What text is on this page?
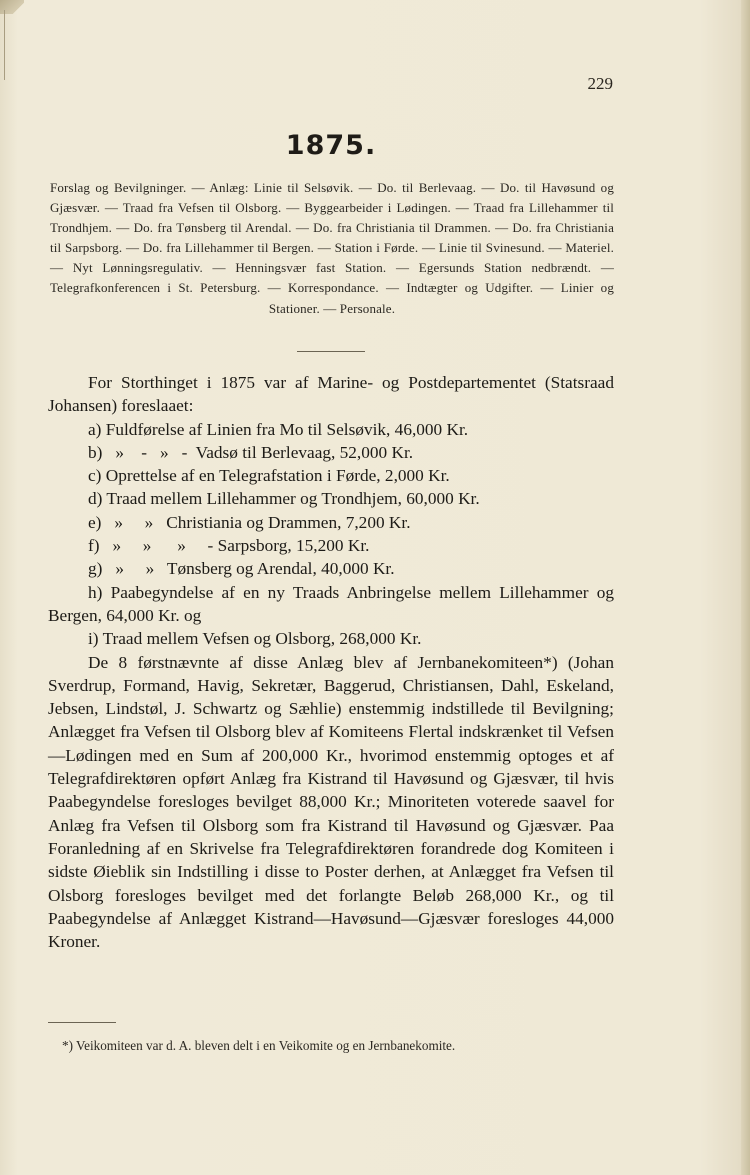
229
1875.
Forslag og Bevilgninger. — Anlæg: Linie til Selsøvik. — Do. til Berlevaag. — Do. til Havøsund og Gjæsvær. — Traad fra Vefsen til Olsborg. — Byggearbeider i Lødingen. — Traad fra Lillehammer til Trondhjem. — Do. fra Tønsberg til Arendal. — Do. fra Christiania til Drammen. — Do. fra Christiania til Sarpsborg. — Do. fra Lillehammer til Bergen. — Station i Førde. — Linie til Svinesund. — Materiel. — Nyt Lønningsregulativ. — Henningsvær fast Station. — Egersunds Station nedbrændt. — Telegrafkonferencen i St. Petersburg. — Korrespondance. — Indtægter og Udgifter. — Linier og Stationer. — Personale.

For Storthinget i 1875 var af Marine- og Postdepartementet (Statsraad Johansen) foreslaaet:

a) Fuldførelse af Linien fra Mo til Selsøvik, 46,000 Kr.

b)   »    -   »   -  Vadsø til Berlevaag, 52,000 Kr.

c) Oprettelse af en Telegrafstation i Førde, 2,000 Kr.

d) Traad mellem Lillehammer og Trondhjem, 60,000 Kr.

e)   »     »   Christiania og Drammen, 7,200 Kr.

f)   »     »      »     - Sarpsborg, 15,200 Kr.

g)   »     »   Tønsberg og Arendal, 40,000 Kr.

h) Paabegyndelse af en ny Traads Anbringelse mellem Lillehammer og Bergen, 64,000 Kr. og

i) Traad mellem Vefsen og Olsborg, 268,000 Kr.

De 8 førstnævnte af disse Anlæg blev af Jernbanekomiteen*) (Johan Sverdrup, Formand, Havig, Sekretær, Baggerud, Christiansen, Dahl, Eskeland, Jebsen, Lindstøl, J. Schwartz og Sæhlie) enstemmig indstillede til Bevilgning; Anlægget fra Vefsen til Olsborg blev af Komiteens Flertal indskrænket til Vefsen—Lødingen med en Sum af 200,000 Kr., hvorimod enstemmig optoges et af Telegrafdirektøren opført Anlæg fra Kistrand til Havøsund og Gjæsvær, til hvis Paabegyndelse foresloges bevilget 88,000 Kr.; Minoriteten voterede saavel for Anlæg fra Vefsen til Olsborg som fra Kistrand til Havøsund og Gjæsvær. Paa Foranledning af en Skrivelse fra Telegrafdirektøren forandrede dog Komiteen i sidste Øieblik sin Indstilling i disse to Poster derhen, at Anlægget fra Vefsen til Olsborg foresloges bevilget med det forlangte Beløb 268,000 Kr., og til Paabegyndelse af Anlægget Kistrand—Havøsund—Gjæsvær foresloges 44,000 Kroner.

*) Veikomiteen var d. A. bleven delt i en Veikomite og en Jernbanekomite.
